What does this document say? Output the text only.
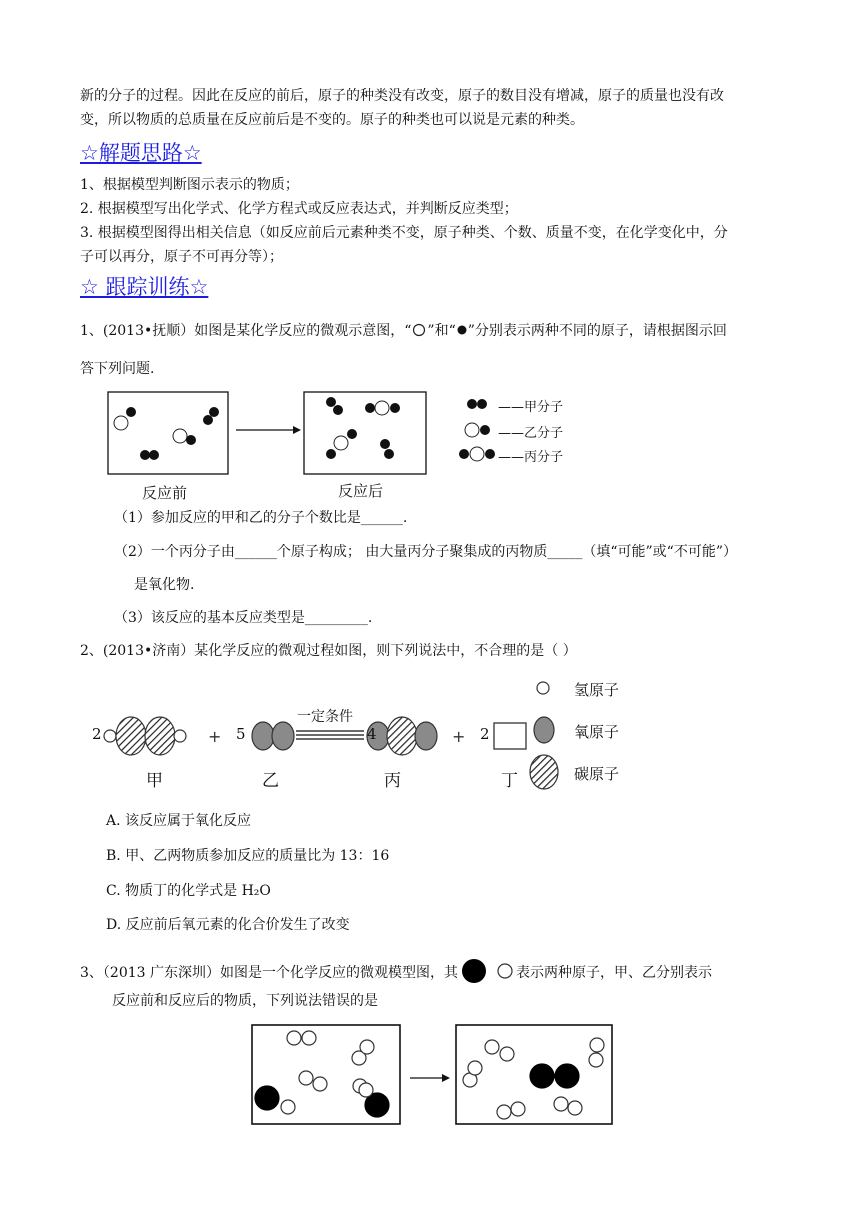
新的分子的过程。因此在反应的前后，原子的种类没有改变，原子的数目没有增减，原子的质量也没有改
变，所以物质的总质量在反应前后是不变的。原子的种类也可以说是元素的种类。
☆解题思路☆
1、根据模型判断图示表示的物质；
2. 根据模型写出化学式、化学方程式或反应表达式，并判断反应类型；
3. 根据模型图得出相关信息（如反应前后元素种类不变，原子种类、个数、质量不变，在化学变化中，分
子可以再分，原子不可再分等）；
☆ 跟踪训练☆
1、(2013•抚顺）如图是某化学反应的微观示意图，“ ”和“ ”分别表示两种不同的原子，请根据图示回
答下列问题.
反应前	反应后
——甲分子
——乙分子
——丙分子
（1）参加反应的甲和乙的分子个数比是______.
（2）一个丙分子由______个原子构成； 由大量丙分子聚集成的丙物质_____（填“可能”或“不可能”）
是氧化物.
（3）该反应的基本反应类型是_________.
2、(2013•济南）某化学反应的微观过程如图，则下列说法中，不合理的是（ ）
+	+
2	5	4	2
一定条件
甲	乙	丙	丁
氢原子
氧原子
碳原子
A. 该反应属于氧化反应
B. 甲、乙两物质参加反应的质量比为 13：16
C. 物质丁的化学式是 H₂O
D. 反应前后氧元素的化合价发生了改变
3、（2013 广东深圳）如图是一个化学反应的微观模型图，其	表示两种原子，甲、乙分别表示
反应前和反应后的物质，下列说法错误的是
